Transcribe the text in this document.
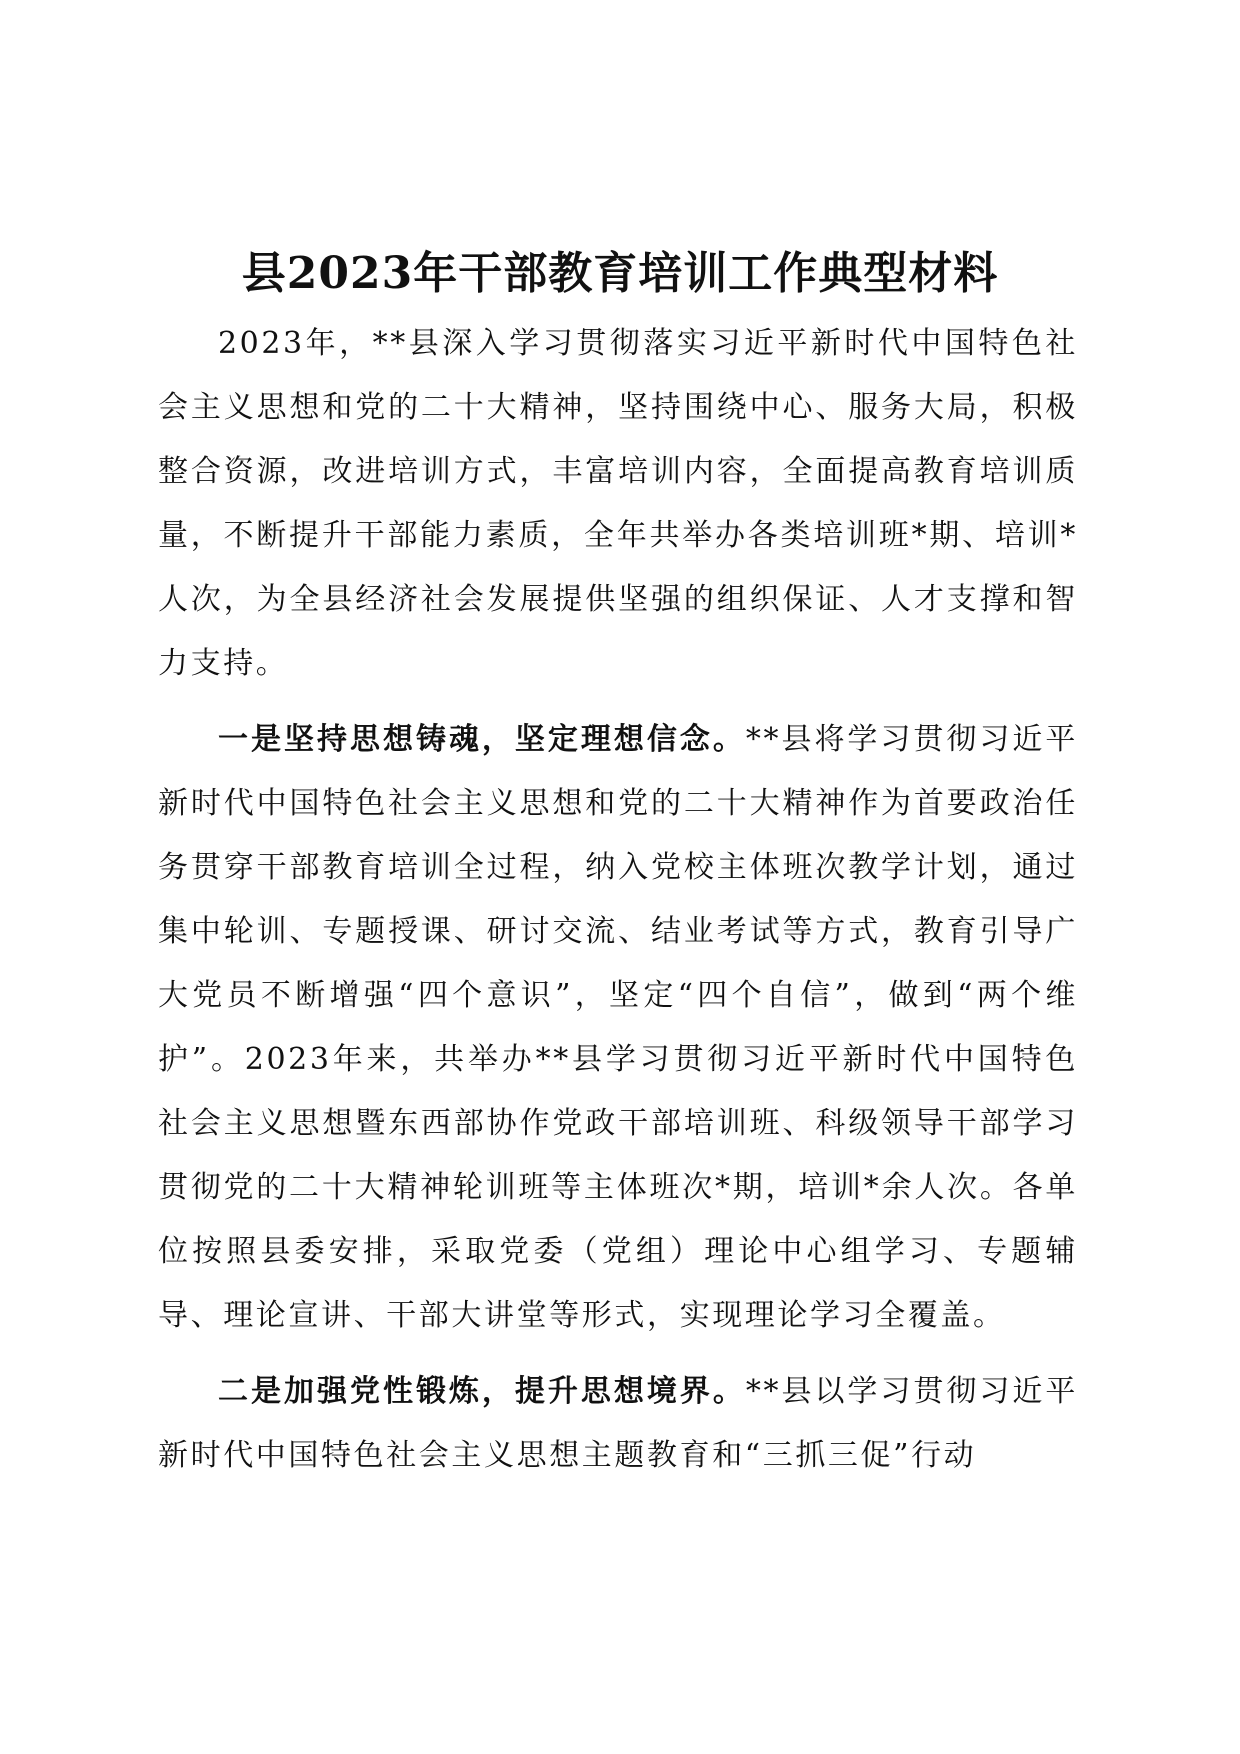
县2023年干部教育培训工作典型材料

2023年，**县深入学习贯彻落实习近平新时代中国特色社会主义思想和党的二十大精神，坚持围绕中心、服务大局，积极整合资源，改进培训方式，丰富培训内容，全面提高教育培训质量，不断提升干部能力素质，全年共举办各类培训班*期、培训*人次，为全县经济社会发展提供坚强的组织保证、人才支撑和智力支持。

一是坚持思想铸魂，坚定理想信念。**县将学习贯彻习近平新时代中国特色社会主义思想和党的二十大精神作为首要政治任务贯穿干部教育培训全过程，纳入党校主体班次教学计划，通过集中轮训、专题授课、研讨交流、结业考试等方式，教育引导广大党员不断增强“四个意识”，坚定“四个自信”，做到“两个维护”。2023年来，共举办**县学习贯彻习近平新时代中国特色社会主义思想暨东西部协作党政干部培训班、科级领导干部学习贯彻党的二十大精神轮训班等主体班次*期，培训*余人次。各单位按照县委安排，采取党委（党组）理论中心组学习、专题辅导、理论宣讲、干部大讲堂等形式，实现理论学习全覆盖。

二是加强党性锻炼，提升思想境界。**县以学习贯彻习近平新时代中国特色社会主义思想主题教育和“三抓三促”行动
